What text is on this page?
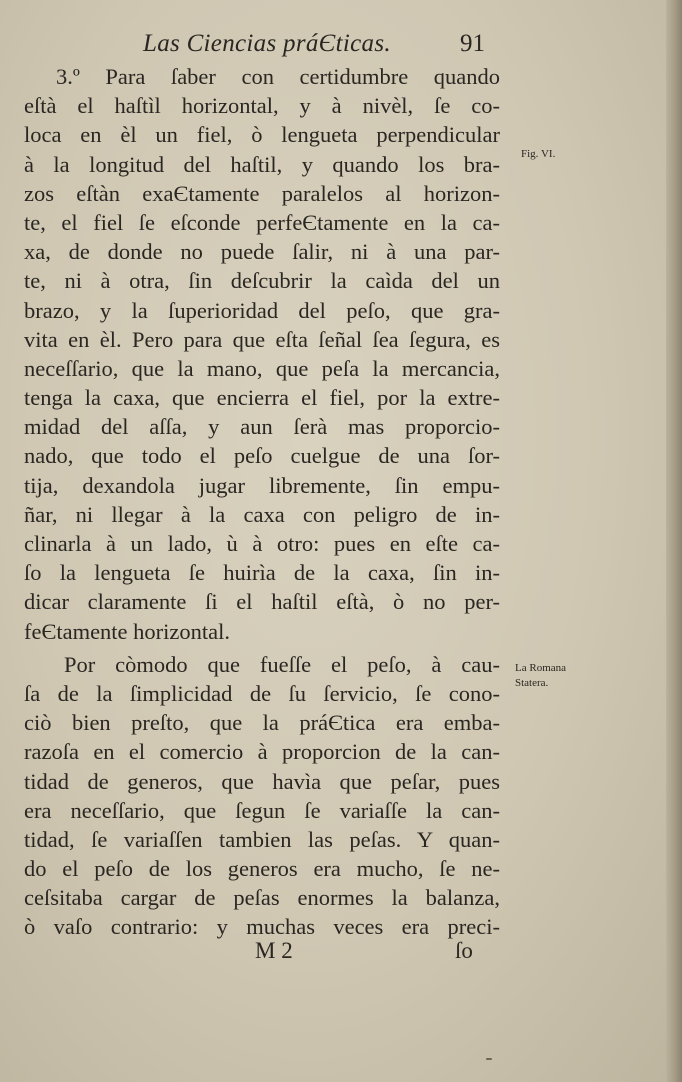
Las Ciencias práЄticas.	91
3.º Para ſaber con certidumbre quando
eſtà el haſtìl horizontal, y à nivèl, ſe co-
loca en èl un fiel, ò lengueta perpendicular
à la longitud del haſtil, y quando los bra-
zos eſtàn exaЄtamente paralelos al horizon-
te, el fiel ſe eſconde perfeЄtamente en la ca-
xa, de donde no puede ſalir, ni à una par-
te, ni à otra, ſin deſcubrir la caìda del un
brazo, y la ſuperioridad del peſo, que gra-
vita en èl. Pero para que eſta ſeñal ſea ſegura, es
neceſſario, que la mano, que peſa la mercancia,
tenga la caxa, que encierra el fiel, por la extre-
midad del aſſa, y aun ſerà mas proporcio-
nado, que todo el peſo cuelgue de una ſor-
tija, dexandola jugar libremente, ſin empu-
ñar, ni llegar à la caxa con peligro de in-
clinarla à un lado, ù à otro: pues en eſte ca-
ſo la lengueta ſe huirìa de la caxa, ſin in-
dicar claramente ſi el haſtil eſtà, ò no per-
feЄtamente horizontal.
Por còmodo que fueſſe el peſo, à cau-
ſa de la ſimplicidad de ſu ſervicio, ſe cono-
ciò bien preſto, que la práЄtica era emba-
razoſa en el comercio à proporcion de la can-
tidad de generos, que havìa que peſar, pues
era neceſſario, que ſegun ſe variaſſe la can-
tidad, ſe variaſſen tambien las peſas. Y quan-
do el peſo de los generos era mucho, ſe ne-
ceſsitaba cargar de peſas enormes la balanza,
ò vaſo contrario: y muchas veces era preci-
Fig. VI.
La Romana
Statera.
M 2	ſo
